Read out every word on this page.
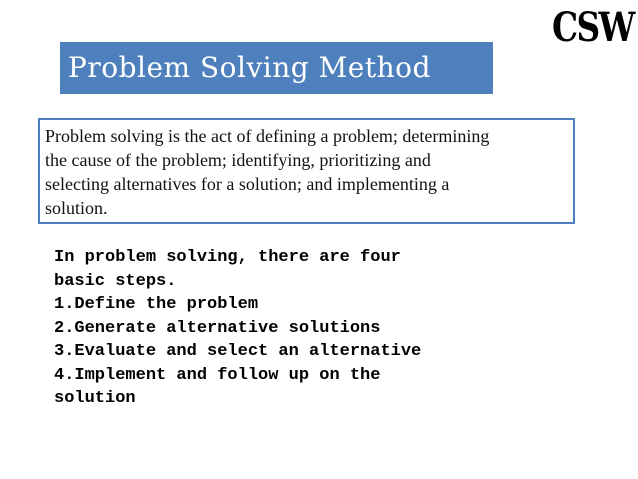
CSW
Problem Solving Method
Problem solving is the act of defining a problem; determining
the cause of the problem; identifying, prioritizing and
selecting alternatives for a solution; and implementing a
solution.
In problem solving, there are four
basic steps.
1.Define the problem
2.Generate alternative solutions
3.Evaluate and select an alternative
4.Implement and follow up on the
solution
